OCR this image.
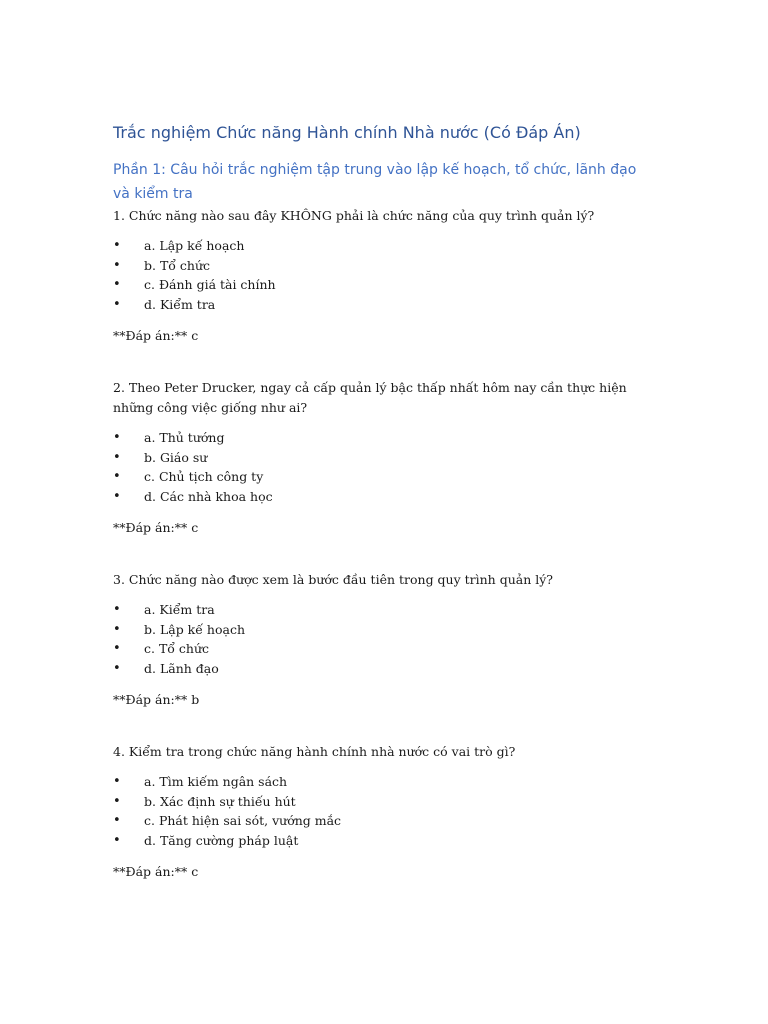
Trắc nghiệm Chức năng Hành chính Nhà nước (Có Đáp Án)
Phần 1: Câu hỏi trắc nghiệm tập trung vào lập kế hoạch, tổ chức, lãnh đạo và kiểm tra

1. Chức năng nào sau đây KHÔNG phải là chức năng của quy trình quản lý?

• a. Lập kế hoạch
• b. Tổ chức
• c. Đánh giá tài chính
• d. Kiểm tra

**Đáp án:** c

2. Theo Peter Drucker, ngay cả cấp quản lý bậc thấp nhất hôm nay cần thực hiện những công việc giống như ai?

• a. Thủ tướng
• b. Giáo sư
• c. Chủ tịch công ty
• d. Các nhà khoa học

**Đáp án:** c

3. Chức năng nào được xem là bước đầu tiên trong quy trình quản lý?

• a. Kiểm tra
• b. Lập kế hoạch
• c. Tổ chức
• d. Lãnh đạo

**Đáp án:** b

4. Kiểm tra trong chức năng hành chính nhà nước có vai trò gì?

• a. Tìm kiếm ngân sách
• b. Xác định sự thiếu hút
• c. Phát hiện sai sót, vướng mắc
• d. Tăng cường pháp luật

**Đáp án:** c
